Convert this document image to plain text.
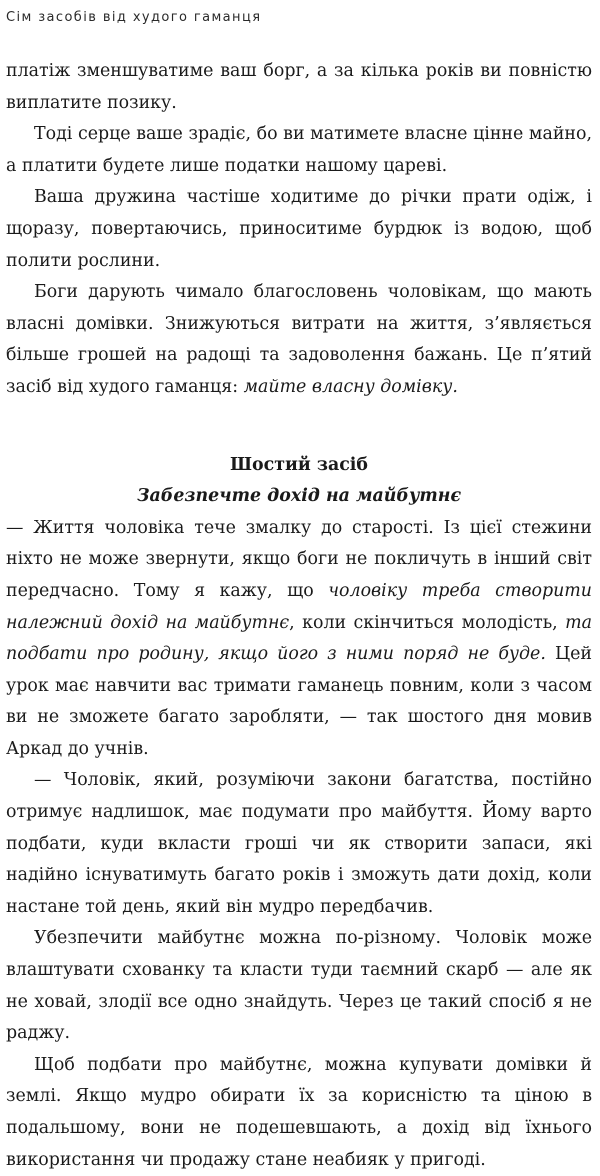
Сім засобів від худого гаманця

платіж зменшуватиме ваш борг, а за кілька років ви повністю виплатите позику.

Тоді серце ваше зрадіє, бо ви матимете власне цінне майно, а платити будете лише податки нашому цареві.

Ваша дружина частіше ходитиме до річки прати одіж, і щоразу, повертаючись, приноситиме бурдюк із водою, щоб полити рослини.

Боги дарують чимало благословень чоловікам, що мають власні домівки. Знижуються витрати на життя, з’являється більше грошей на радощі та задоволення бажань. Це п’ятий засіб від худого гаманця: майте власну домівку.

Шостий засіб

Забезпечте дохід на майбутнє

— Життя чоловіка тече змалку до старості. Із цієї стежини ніхто не може звернути, якщо боги не покличуть в інший світ передчасно. Тому я кажу, що чоловіку треба створити належний дохід на майбутнє, коли скінчиться молодість, та подбати про родину, якщо його з ними поряд не буде. Цей урок має навчити вас тримати гаманець повним, коли з часом ви не зможете багато заробляти, — так шостого дня мовив Аркад до учнів.

— Чоловік, який, розуміючи закони багатства, постійно отримує надлишок, має подумати про майбуття. Йому варто подбати, куди вкласти гроші чи як створити запаси, які надійно існуватимуть багато років і зможуть дати дохід, коли настане той день, який він мудро передбачив.

Убезпечити майбутнє можна по-різному. Чоловік може влаштувати схованку та класти туди таємний скарб — але як не ховай, злодії все одно знайдуть. Через це такий спосіб я не раджу.

Щоб подбати про майбутнє, можна купувати домівки й землі. Якщо мудро обирати їх за корисністю та ціною в подальшому, вони не подешевшають, а дохід від їхнього використання чи продажу стане неабияк у пригоді.
